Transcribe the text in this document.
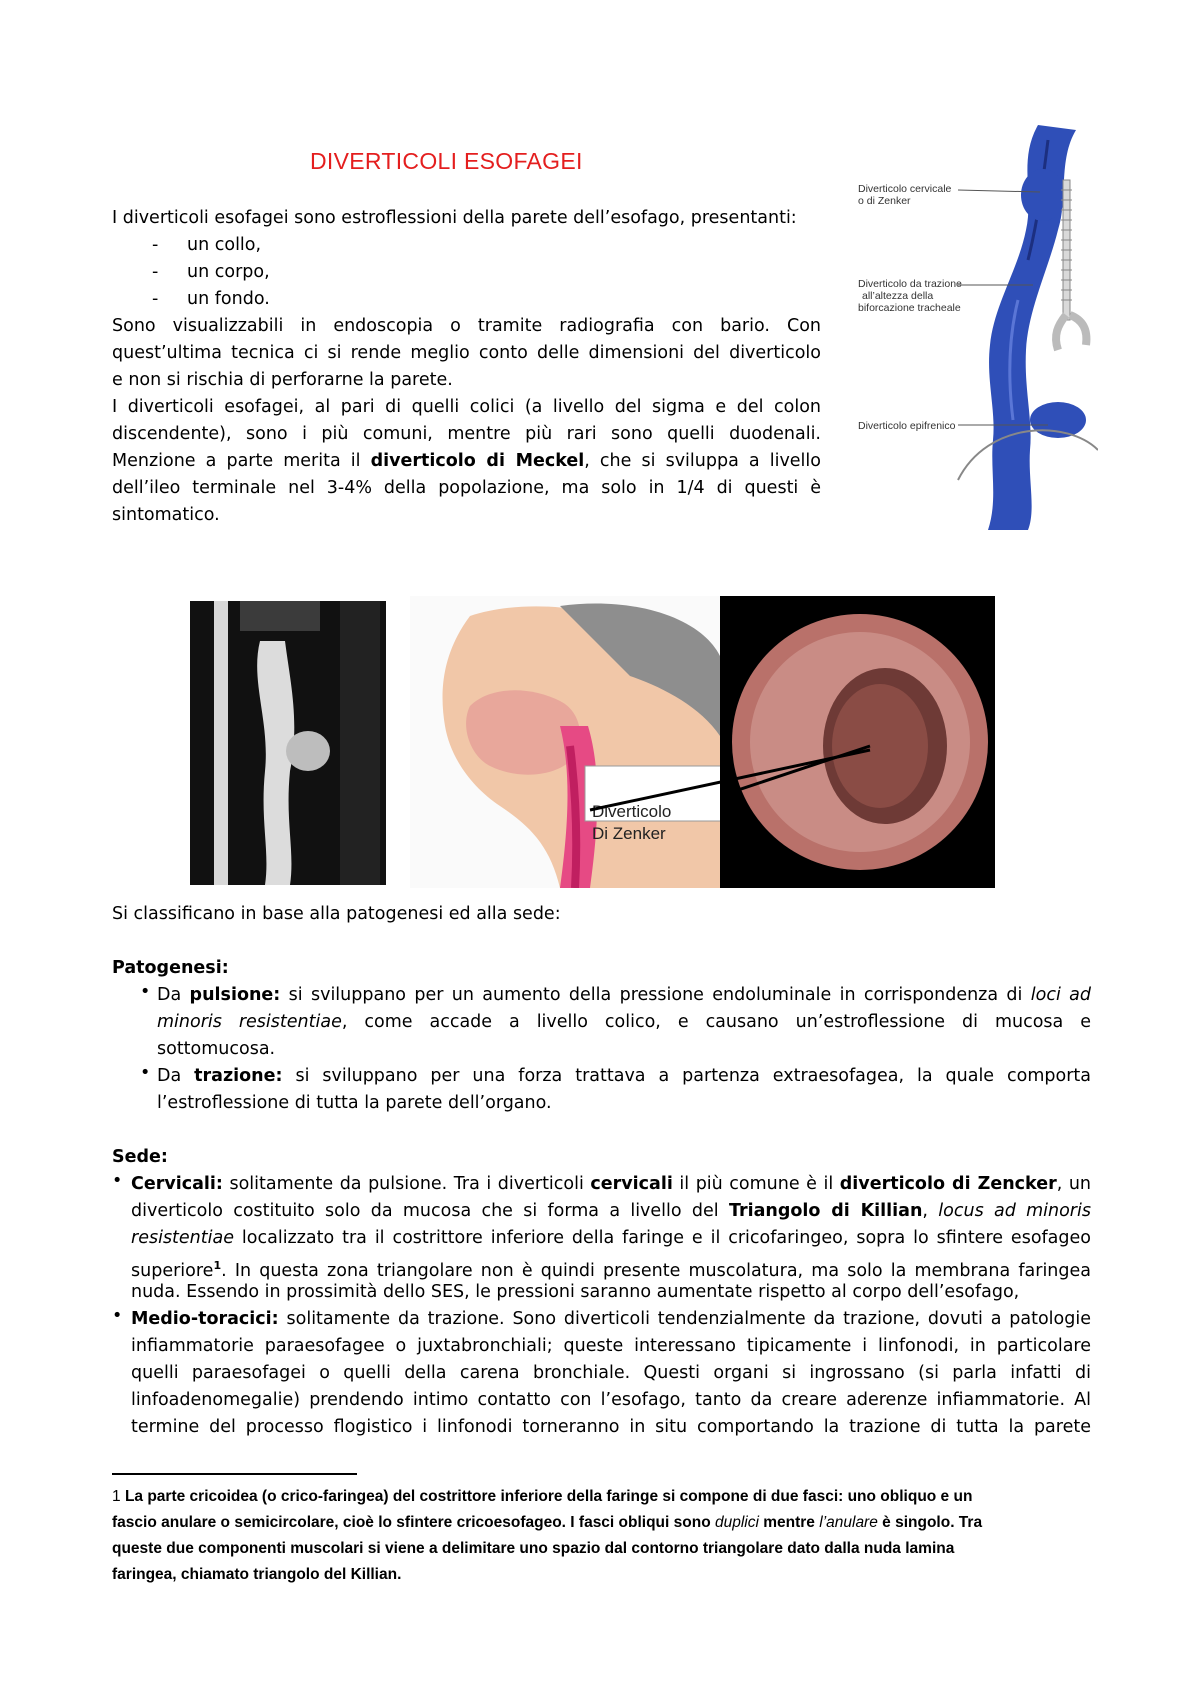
DIVERTICOLI ESOFAGEI
I diverticoli esofagei sono estroflessioni della parete dell’esofago, presentanti:
- un collo,
- un corpo,
- un fondo.
Sono visualizzabili in endoscopia o tramite radiografia con bario. Con
quest’ultima tecnica ci si rende meglio conto delle dimensioni del diverticolo
e non si rischia di perforarne la parete.
I diverticoli esofagei, al pari di quelli colici (a livello del sigma e del colon
discendente), sono i più comuni, mentre più rari sono quelli duodenali.
Menzione a parte merita il diverticolo di Meckel, che si sviluppa a livello
dell’ileo terminale nel 3-4% della popolazione, ma solo in 1/4 di questi è
sintomatico.
Diverticolo cervicale
o di Zenker
Diverticolo da trazione
all’altezza della
biforcazione tracheale
Diverticolo epifrenico
Diverticolo
Di Zenker
Si classificano in base alla patogenesi ed alla sede:
Patogenesi:
• Da pulsione: si sviluppano per un aumento della pressione endoluminale in corrispondenza di loci ad
minoris resistentiae, come accade a livello colico, e causano un’estroflessione di mucosa e
sottomucosa.
• Da trazione: si sviluppano per una forza trattava a partenza extraesofagea, la quale comporta
l’estroflessione di tutta la parete dell’organo.
Sede:
• Cervicali: solitamente da pulsione. Tra i diverticoli cervicali il più comune è il diverticolo di Zencker, un
diverticolo costituito solo da mucosa che si forma a livello del Triangolo di Killian, locus ad minoris
resistentiae localizzato tra il costrittore inferiore della faringe e il cricofaringeo, sopra lo sfintere esofageo
superiore$^1$. In questa zona triangolare non è quindi presente muscolatura, ma solo la membrana faringea
nuda. Essendo in prossimità dello SES, le pressioni saranno aumentate rispetto al corpo dell’esofago,
• Medio-toracici: solitamente da trazione. Sono diverticoli tendenzialmente da trazione, dovuti a patologie
infiammatorie paraesofagee o juxtabronchiali; queste interessano tipicamente i linfonodi, in particolare
quelli paraesofagei o quelli della carena bronchiale. Questi organi si ingrossano (si parla infatti di
linfoadenomegalie) prendendo intimo contatto con l’esofago, tanto da creare aderenze infiammatorie. Al
termine del processo flogistico i linfonodi torneranno in situ comportando la trazione di tutta la parete
1 La parte cricoidea (o crico-faringea) del costrittore inferiore della faringe si compone di due fasci: uno obliquo e un
fascio anulare o semicircolare, cioè lo sfintere cricoesofageo. I fasci obliqui sono duplici mentre l’anulare è singolo. Tra
queste due componenti muscolari si viene a delimitare uno spazio dal contorno triangolare dato dalla nuda lamina
faringea, chiamato triangolo del Killian.
